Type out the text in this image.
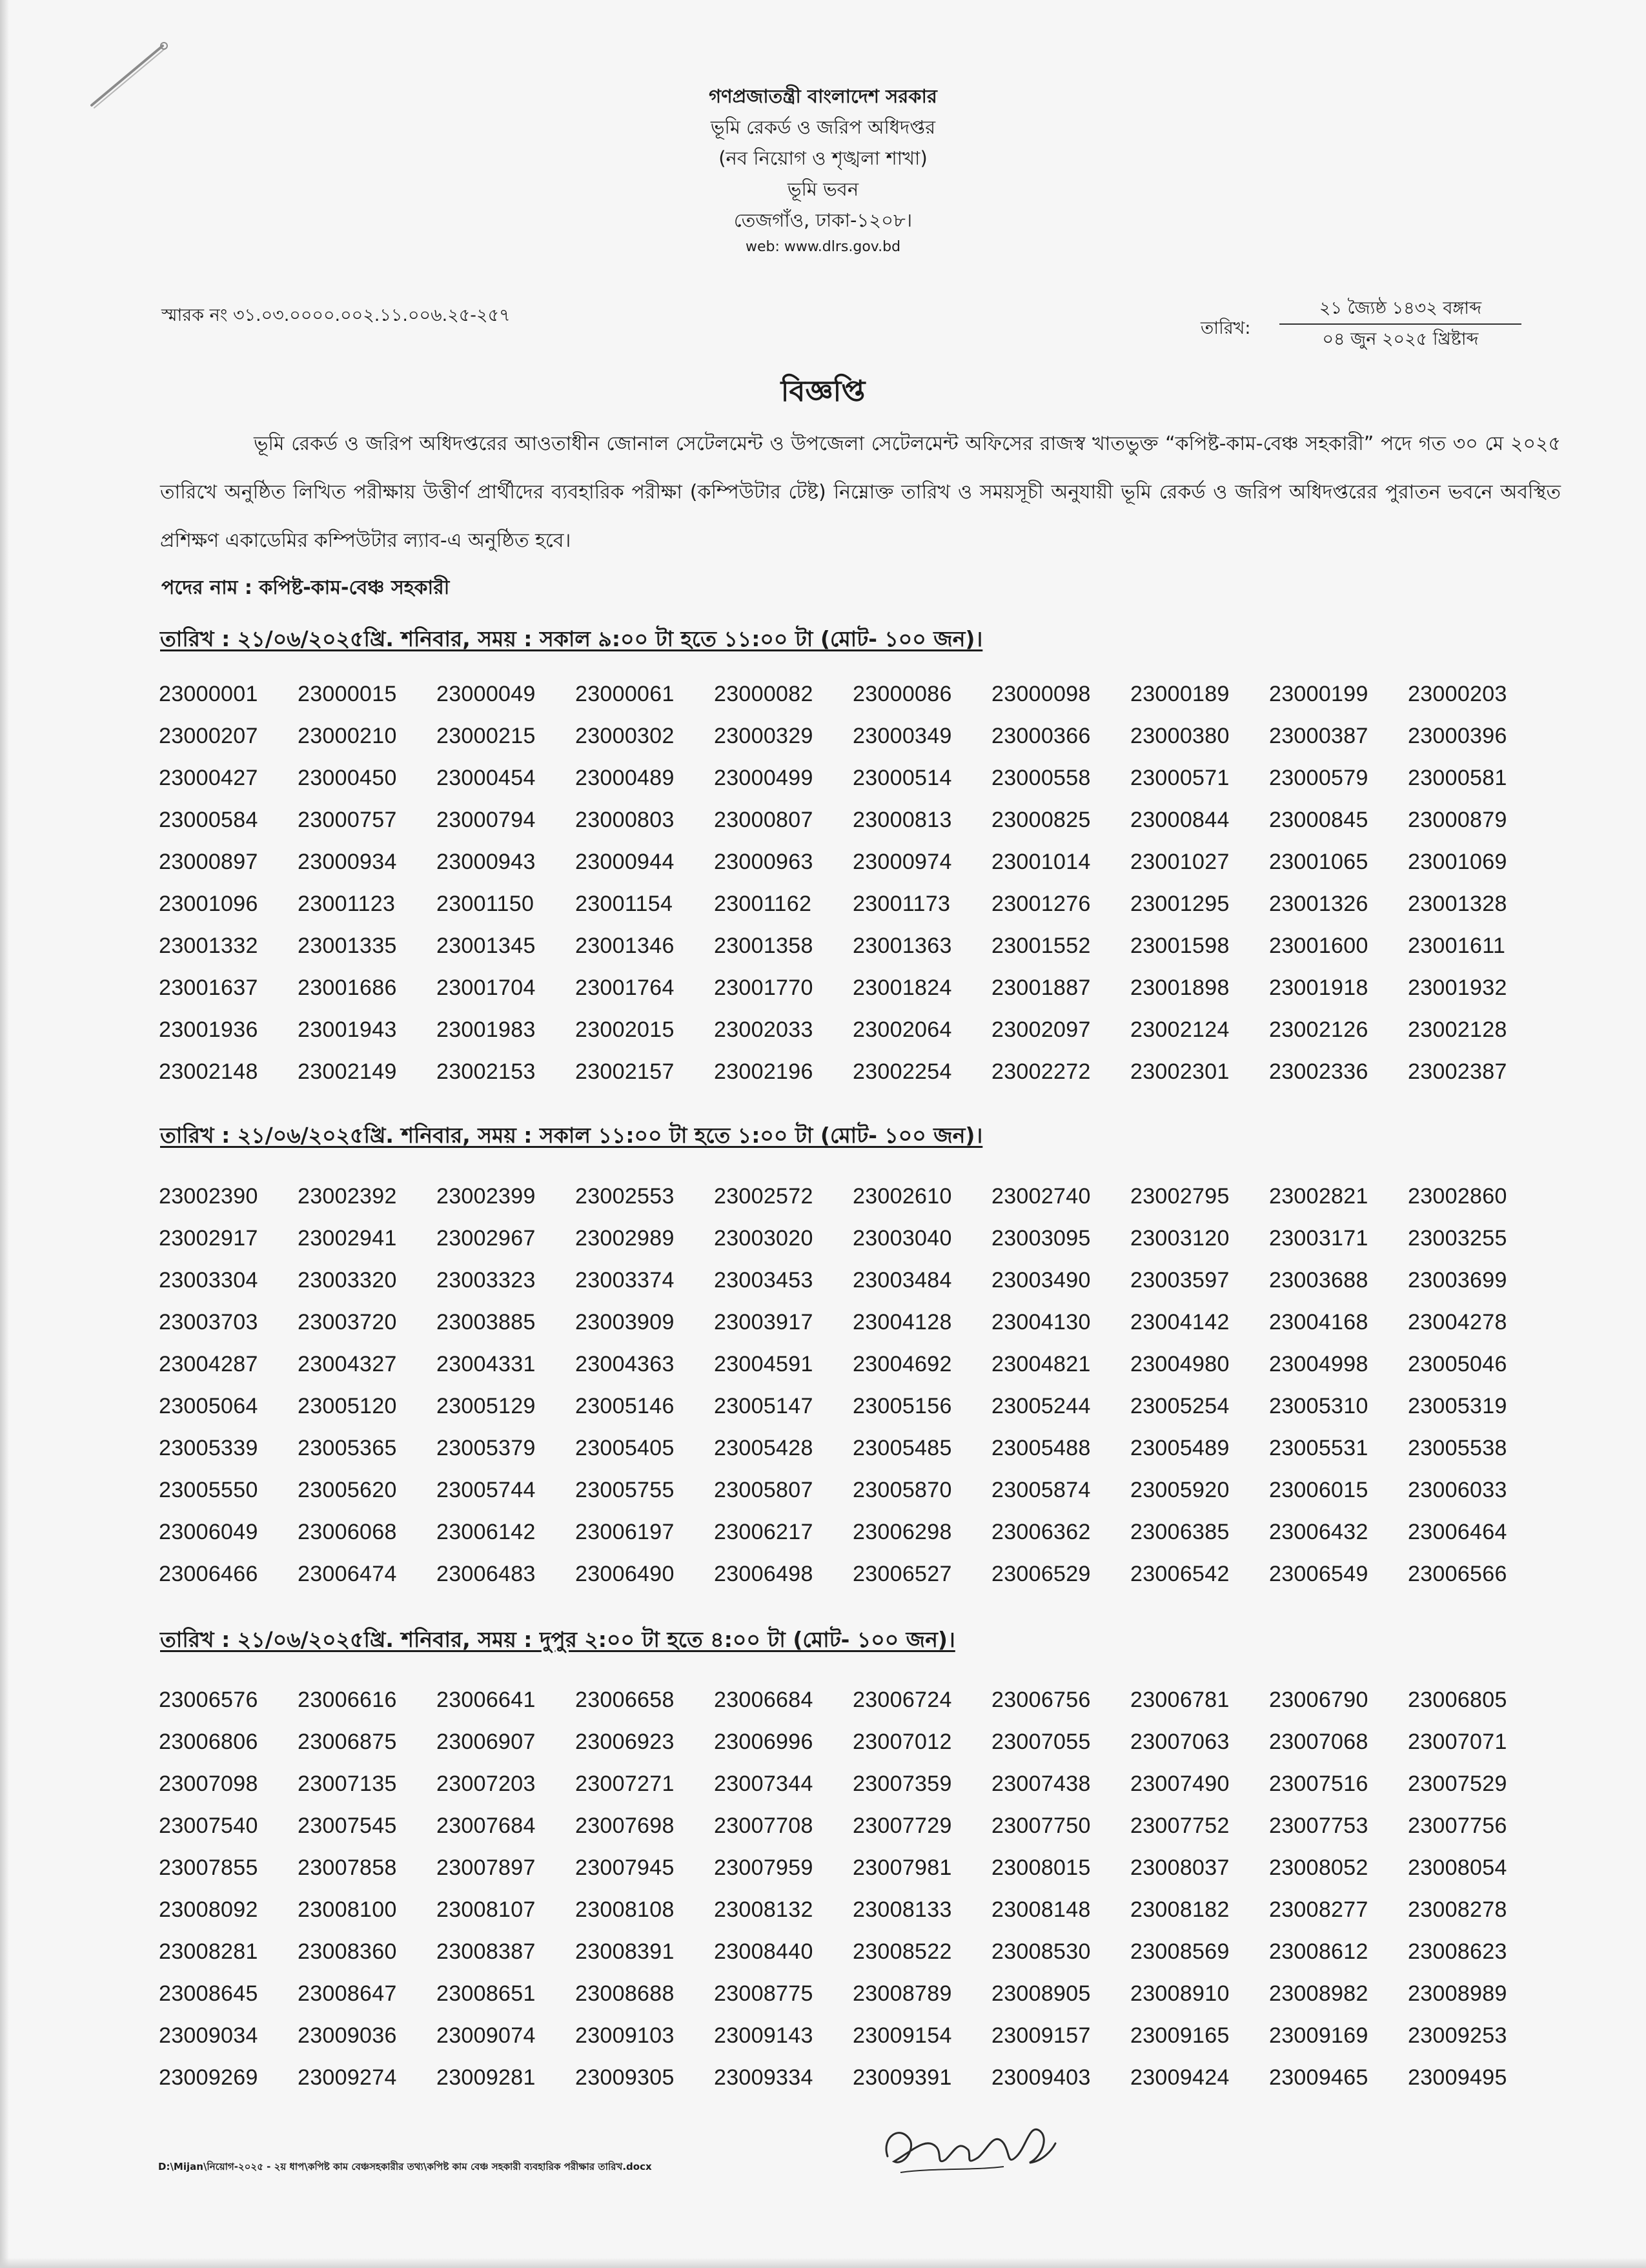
গণপ্রজাতন্ত্রী বাংলাদেশ সরকার
ভূমি রেকর্ড ও জরিপ অধিদপ্তর
(নব নিয়োগ ও শৃঙ্খলা শাখা)
ভূমি ভবন
তেজগাঁও, ঢাকা-১২০৮।
web: www.dlrs.gov.bd
স্মারক নং ৩১.০৩.০০০০.০০২.১১.০০৬.২৫-২৫৭
তারিখ:
২১ জ্যৈষ্ঠ ১৪৩২ বঙ্গাব্দ
০৪ জুন ২০২৫ খ্রিষ্টাব্দ
বিজ্ঞপ্তি
ভূমি রেকর্ড ও জরিপ অধিদপ্তরের আওতাধীন জোনাল সেটেলমেন্ট ও উপজেলা সেটেলমেন্ট অফিসের রাজস্ব খাতভুক্ত “কপিষ্ট-কাম-বেঞ্চ সহকারী” পদে গত ৩০ মে ২০২৫ তারিখে অনুষ্ঠিত লিখিত পরীক্ষায় উত্তীর্ণ প্রার্থীদের ব্যবহারিক পরীক্ষা (কম্পিউটার টেষ্ট) নিম্নোক্ত তারিখ ও সময়সূচী অনুযায়ী ভূমি রেকর্ড ও জরিপ অধিদপ্তরের পুরাতন ভবনে অবস্থিত প্রশিক্ষণ একাডেমির কম্পিউটার ল্যাব-এ অনুষ্ঠিত হবে।
পদের নাম : কপিষ্ট-কাম-বেঞ্চ সহকারী
তারিখ : ২১/০৬/২০২৫খ্রি. শনিবার, সময় : সকাল ৯:০০ টা হতে ১১:০০ টা (মোট- ১০০ জন)।
23000001	23000015	23000049	23000061	23000082	23000086	23000098	23000189	23000199	23000203
23000207	23000210	23000215	23000302	23000329	23000349	23000366	23000380	23000387	23000396
23000427	23000450	23000454	23000489	23000499	23000514	23000558	23000571	23000579	23000581
23000584	23000757	23000794	23000803	23000807	23000813	23000825	23000844	23000845	23000879
23000897	23000934	23000943	23000944	23000963	23000974	23001014	23001027	23001065	23001069
23001096	23001123	23001150	23001154	23001162	23001173	23001276	23001295	23001326	23001328
23001332	23001335	23001345	23001346	23001358	23001363	23001552	23001598	23001600	23001611
23001637	23001686	23001704	23001764	23001770	23001824	23001887	23001898	23001918	23001932
23001936	23001943	23001983	23002015	23002033	23002064	23002097	23002124	23002126	23002128
23002148	23002149	23002153	23002157	23002196	23002254	23002272	23002301	23002336	23002387
তারিখ : ২১/০৬/২০২৫খ্রি. শনিবার, সময় : সকাল ১১:০০ টা হতে ১:০০ টা (মোট- ১০০ জন)।
23002390	23002392	23002399	23002553	23002572	23002610	23002740	23002795	23002821	23002860
23002917	23002941	23002967	23002989	23003020	23003040	23003095	23003120	23003171	23003255
23003304	23003320	23003323	23003374	23003453	23003484	23003490	23003597	23003688	23003699
23003703	23003720	23003885	23003909	23003917	23004128	23004130	23004142	23004168	23004278
23004287	23004327	23004331	23004363	23004591	23004692	23004821	23004980	23004998	23005046
23005064	23005120	23005129	23005146	23005147	23005156	23005244	23005254	23005310	23005319
23005339	23005365	23005379	23005405	23005428	23005485	23005488	23005489	23005531	23005538
23005550	23005620	23005744	23005755	23005807	23005870	23005874	23005920	23006015	23006033
23006049	23006068	23006142	23006197	23006217	23006298	23006362	23006385	23006432	23006464
23006466	23006474	23006483	23006490	23006498	23006527	23006529	23006542	23006549	23006566
তারিখ : ২১/০৬/২০২৫খ্রি. শনিবার, সময় : দুপুর ২:০০ টা হতে ৪:০০ টা (মোট- ১০০ জন)।
23006576	23006616	23006641	23006658	23006684	23006724	23006756	23006781	23006790	23006805
23006806	23006875	23006907	23006923	23006996	23007012	23007055	23007063	23007068	23007071
23007098	23007135	23007203	23007271	23007344	23007359	23007438	23007490	23007516	23007529
23007540	23007545	23007684	23007698	23007708	23007729	23007750	23007752	23007753	23007756
23007855	23007858	23007897	23007945	23007959	23007981	23008015	23008037	23008052	23008054
23008092	23008100	23008107	23008108	23008132	23008133	23008148	23008182	23008277	23008278
23008281	23008360	23008387	23008391	23008440	23008522	23008530	23008569	23008612	23008623
23008645	23008647	23008651	23008688	23008775	23008789	23008905	23008910	23008982	23008989
23009034	23009036	23009074	23009103	23009143	23009154	23009157	23009165	23009169	23009253
23009269	23009274	23009281	23009305	23009334	23009391	23009403	23009424	23009465	23009495
D:\Mijan\নিয়োগ-২০২৫ - ২য় ধাপ\কপিষ্ট কাম বেঞ্চসহকারীর তথ্য\কপিষ্ট কাম বেঞ্চ সহকারী ব্যবহারিক পরীক্ষার তারিখ.docx
